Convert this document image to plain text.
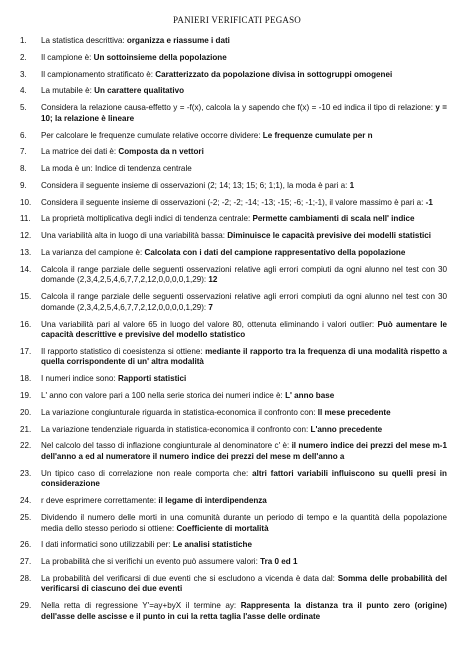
PANIERI VERIFICATI PEGASO
1. La statistica descrittiva: organizza e riassume i dati
2. Il campione è: Un sottoinsieme della popolazione
3. Il campionamento stratificato è: Caratterizzato da popolazione divisa in sottogruppi omogenei
4. La mutabile è: Un carattere qualitativo
5. Considera la relazione causa-effetto y = -f(x), calcola la y sapendo che f(x) = -10 ed indica il tipo di relazione: y = 10; la relazione è lineare
6. Per calcolare le frequenze cumulate relative occorre dividere: Le frequenze cumulate per n
7. La matrice dei dati è: Composta da n vettori
8. La moda è un: Indice di tendenza centrale
9. Considera il seguente insieme di osservazioni (2; 14; 13; 15; 6; 1;1), la moda è pari a: 1
10. Considera il seguente insieme di osservazioni (-2; -2; -2; -14; -13; -15; -6; -1;-1), il valore massimo è pari a: -1
11. La proprietà moltiplicativa degli indici di tendenza centrale: Permette cambiamenti di scala nell' indice
12. Una variabilità alta in luogo di una variabilità bassa: Diminuisce le capacità previsive dei modelli statistici
13. La varianza del campione è: Calcolata con i dati del campione rappresentativo della popolazione
14. Calcola il range parziale delle seguenti osservazioni relative agli errori compiuti da ogni alunno nel test con 30 domande (2,3,4,2,5,4,6,7,7,2,12,0,0,0,0,1,29): 12
15. Calcola il range parziale delle seguenti osservazioni relative agli errori compiuti da ogni alunno nel test con 30 domande (2,3,4,2,5,4,6,7,7,2,12,0,0,0,0,1,29): 7
16. Una variabilità pari al valore 65 in luogo del valore 80, ottenuta eliminando i valori outlier: Può aumentare le capacità descrittive e previsive del modello statistico
17. Il rapporto statistico di coesistenza si ottiene: mediante il rapporto tra la frequenza di una modalità rispetto a quella corrispondente di un' altra modalità
18. I numeri indice sono: Rapporti statistici
19. L' anno con valore pari a 100 nella serie storica dei numeri indice è: L' anno base
20. La variazione congiunturale riguarda in statistica-economica il confronto con: Il mese precedente
21. La variazione tendenziale riguarda in statistica-economica il confronto con: L'anno precedente
22. Nel calcolo del tasso di inflazione congiunturale al denominatore c' è: il numero indice dei prezzi del mese m-1 dell'anno a ed al numeratore il numero indice dei prezzi del mese m dell'anno a
23. Un tipico caso di correlazione non reale comporta che: altri fattori variabili influiscono su quelli presi in considerazione
24. r deve esprimere correttamente: il legame di interdipendenza
25. Dividendo il numero delle morti in una comunità durante un periodo di tempo e la quantità della popolazione media dello stesso periodo si ottiene: Coefficiente di mortalità
26. I dati informatici sono utilizzabili per: Le analisi statistiche
27. La probabilità che si verifichi un evento può assumere valori: Tra 0 ed 1
28. La probabilità del verificarsi di due eventi che si escludono a vicenda è data dal: Somma delle probabilità del verificarsi di ciascuno dei due eventi
29. Nella retta di regressione Y'=ay+byX il termine ay: Rappresenta la distanza tra il punto zero (origine) dell'asse delle ascisse e il punto in cui la retta taglia l'asse delle ordinate
